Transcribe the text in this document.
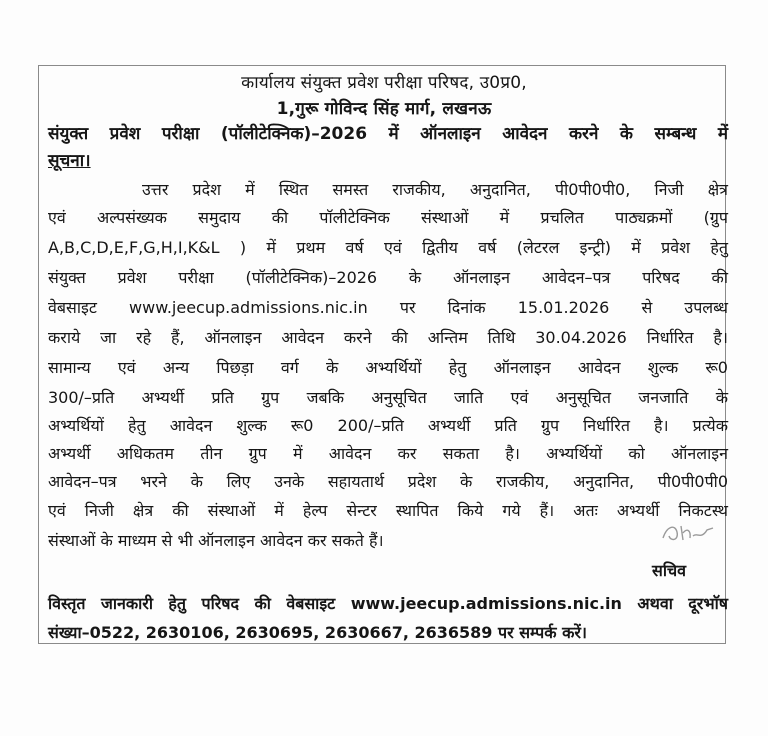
कार्यालय संयुक्त प्रवेश परीक्षा परिषद, उ0प्र0,
1,गुरू गोविन्द सिंह मार्ग, लखनऊ
संयुक्त प्रवेश परीक्षा (पॉलीटेक्निक)–2026 में ऑनलाइन आवेदन करने के सम्बन्ध में
सूचना।
उत्तर प्रदेश में स्थित समस्त राजकीय, अनुदानित, पी0पी0पी0, निजी क्षेत्र
एवं अल्पसंख्यक समुदाय की पॉलीटेक्निक संस्थाओं में प्रचलित पाठ्यक्रमों (ग्रुप
A,B,C,D,E,F,G,H,I,K&L ) में प्रथम वर्ष एवं द्वितीय वर्ष (लेटरल इन्ट्री) में प्रवेश हेतु
संयुक्त प्रवेश परीक्षा (पॉलीटेक्निक)–2026 के ऑनलाइन आवेदन–पत्र परिषद की
वेबसाइट www.jeecup.admissions.nic.in पर दिनांक 15.01.2026 से उपलब्ध
कराये जा रहे हैं, ऑनलाइन आवेदन करने की अन्तिम तिथि 30.04.2026 निर्धारित है।
सामान्य एवं अन्य पिछड़ा वर्ग के अभ्यर्थियों हेतु ऑनलाइन आवेदन शुल्क रू0
300/–प्रति अभ्यर्थी प्रति ग्रुप जबकि अनुसूचित जाति एवं अनुसूचित जनजाति के
अभ्यर्थियों हेतु आवेदन शुल्क रू0 200/–प्रति अभ्यर्थी प्रति ग्रुप निर्धारित है। प्रत्येक
अभ्यर्थी अधिकतम तीन ग्रुप में आवेदन कर सकता है। अभ्यर्थियों को ऑनलाइन
आवेदन–पत्र भरने के लिए उनके सहायतार्थ प्रदेश के राजकीय, अनुदानित, पी0पी0पी0
एवं निजी क्षेत्र की संस्थाओं में हेल्प सेन्टर स्थापित किये गये हैं। अतः अभ्यर्थी निकटस्थ
संस्थाओं के माध्यम से भी ऑनलाइन आवेदन कर सकते हैं।
सचिव
विस्तृत जानकारी हेतु परिषद की वेबसाइट www.jeecup.admissions.nic.in अथवा दूरभाॅष
संख्या–0522, 2630106, 2630695, 2630667, 2636589 पर सम्पर्क करें।
